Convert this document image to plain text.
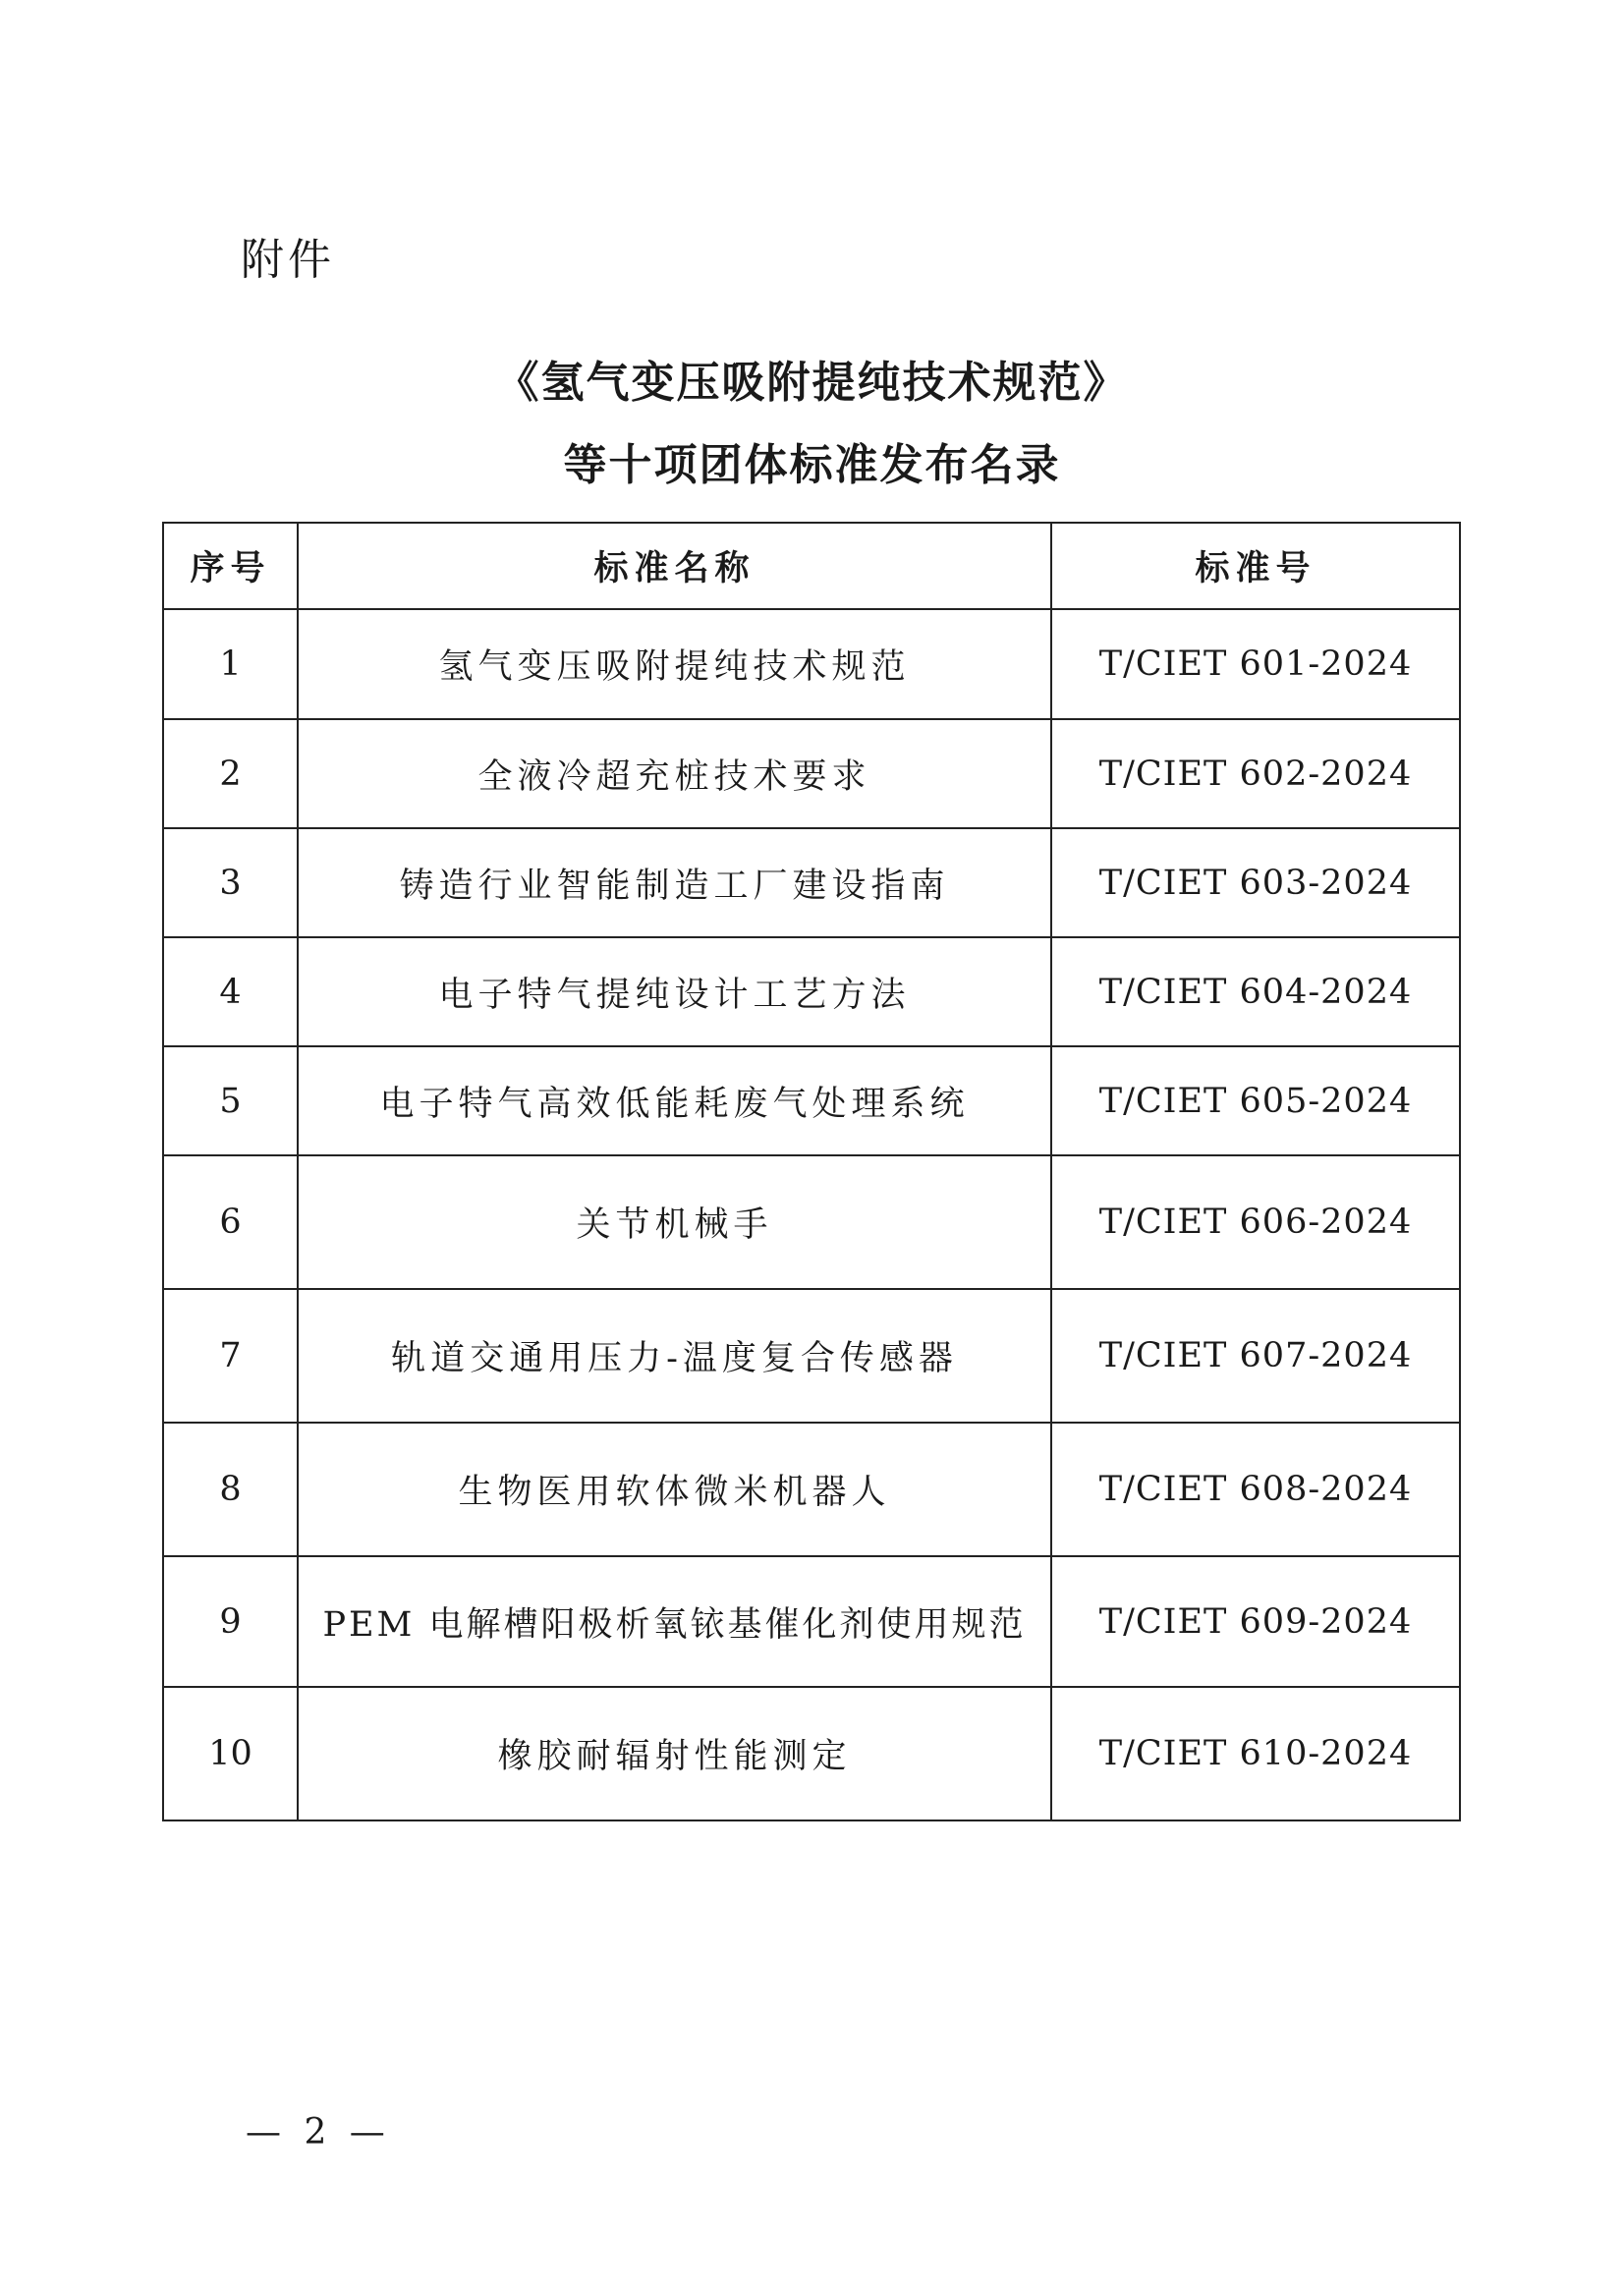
附件
《氢气变压吸附提纯技术规范》
等十项团体标准发布名录
序号	标准名称	标准号
1	氢气变压吸附提纯技术规范	T/CIET 601-2024
2	全液冷超充桩技术要求	T/CIET 602-2024
3	铸造行业智能制造工厂建设指南	T/CIET 603-2024
4	电子特气提纯设计工艺方法	T/CIET 604-2024
5	电子特气高效低能耗废气处理系统	T/CIET 605-2024
6	关节机械手	T/CIET 606-2024
7	轨道交通用压力-温度复合传感器	T/CIET 607-2024
8	生物医用软体微米机器人	T/CIET 608-2024
9	PEM 电解槽阳极析氧铱基催化剂使用规范	T/CIET 609-2024
10	橡胶耐辐射性能测定	T/CIET 610-2024
— 2 —
